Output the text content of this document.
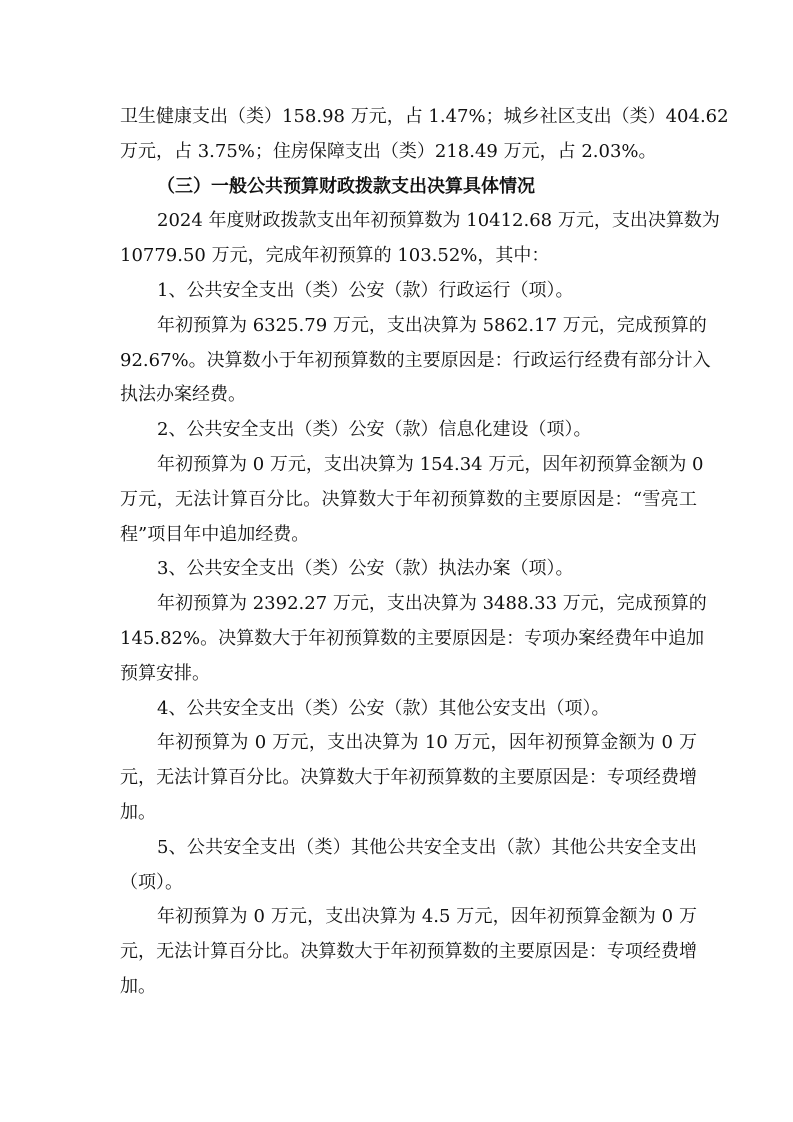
卫生健康支出（类）158.98 万元，占 1.47%；城乡社区支出（类）404.62
万元，占 3.75%；住房保障支出（类）218.49 万元，占 2.03%。
（三）一般公共预算财政拨款支出决算具体情况
2024 年度财政拨款支出年初预算数为 10412.68 万元，支出决算数为
10779.50 万元，完成年初预算的 103.52%，其中：
1、公共安全支出（类）公安（款）行政运行（项）。
年初预算为 6325.79 万元，支出决算为 5862.17 万元，完成预算的
92.67%。决算数小于年初预算数的主要原因是：行政运行经费有部分计入
执法办案经费。
2、公共安全支出（类）公安（款）信息化建设（项）。
年初预算为 0 万元，支出决算为 154.34 万元，因年初预算金额为 0
万元，无法计算百分比。决算数大于年初预算数的主要原因是：“雪亮工
程”项目年中追加经费。
3、公共安全支出（类）公安（款）执法办案（项）。
年初预算为 2392.27 万元，支出决算为 3488.33 万元，完成预算的
145.82%。决算数大于年初预算数的主要原因是：专项办案经费年中追加
预算安排。
4、公共安全支出（类）公安（款）其他公安支出（项）。
年初预算为 0 万元，支出决算为 10 万元，因年初预算金额为 0 万
元，无法计算百分比。决算数大于年初预算数的主要原因是：专项经费增
加。
5、公共安全支出（类）其他公共安全支出（款）其他公共安全支出
（项）。
年初预算为 0 万元，支出决算为 4.5 万元，因年初预算金额为 0 万
元，无法计算百分比。决算数大于年初预算数的主要原因是：专项经费增
加。
